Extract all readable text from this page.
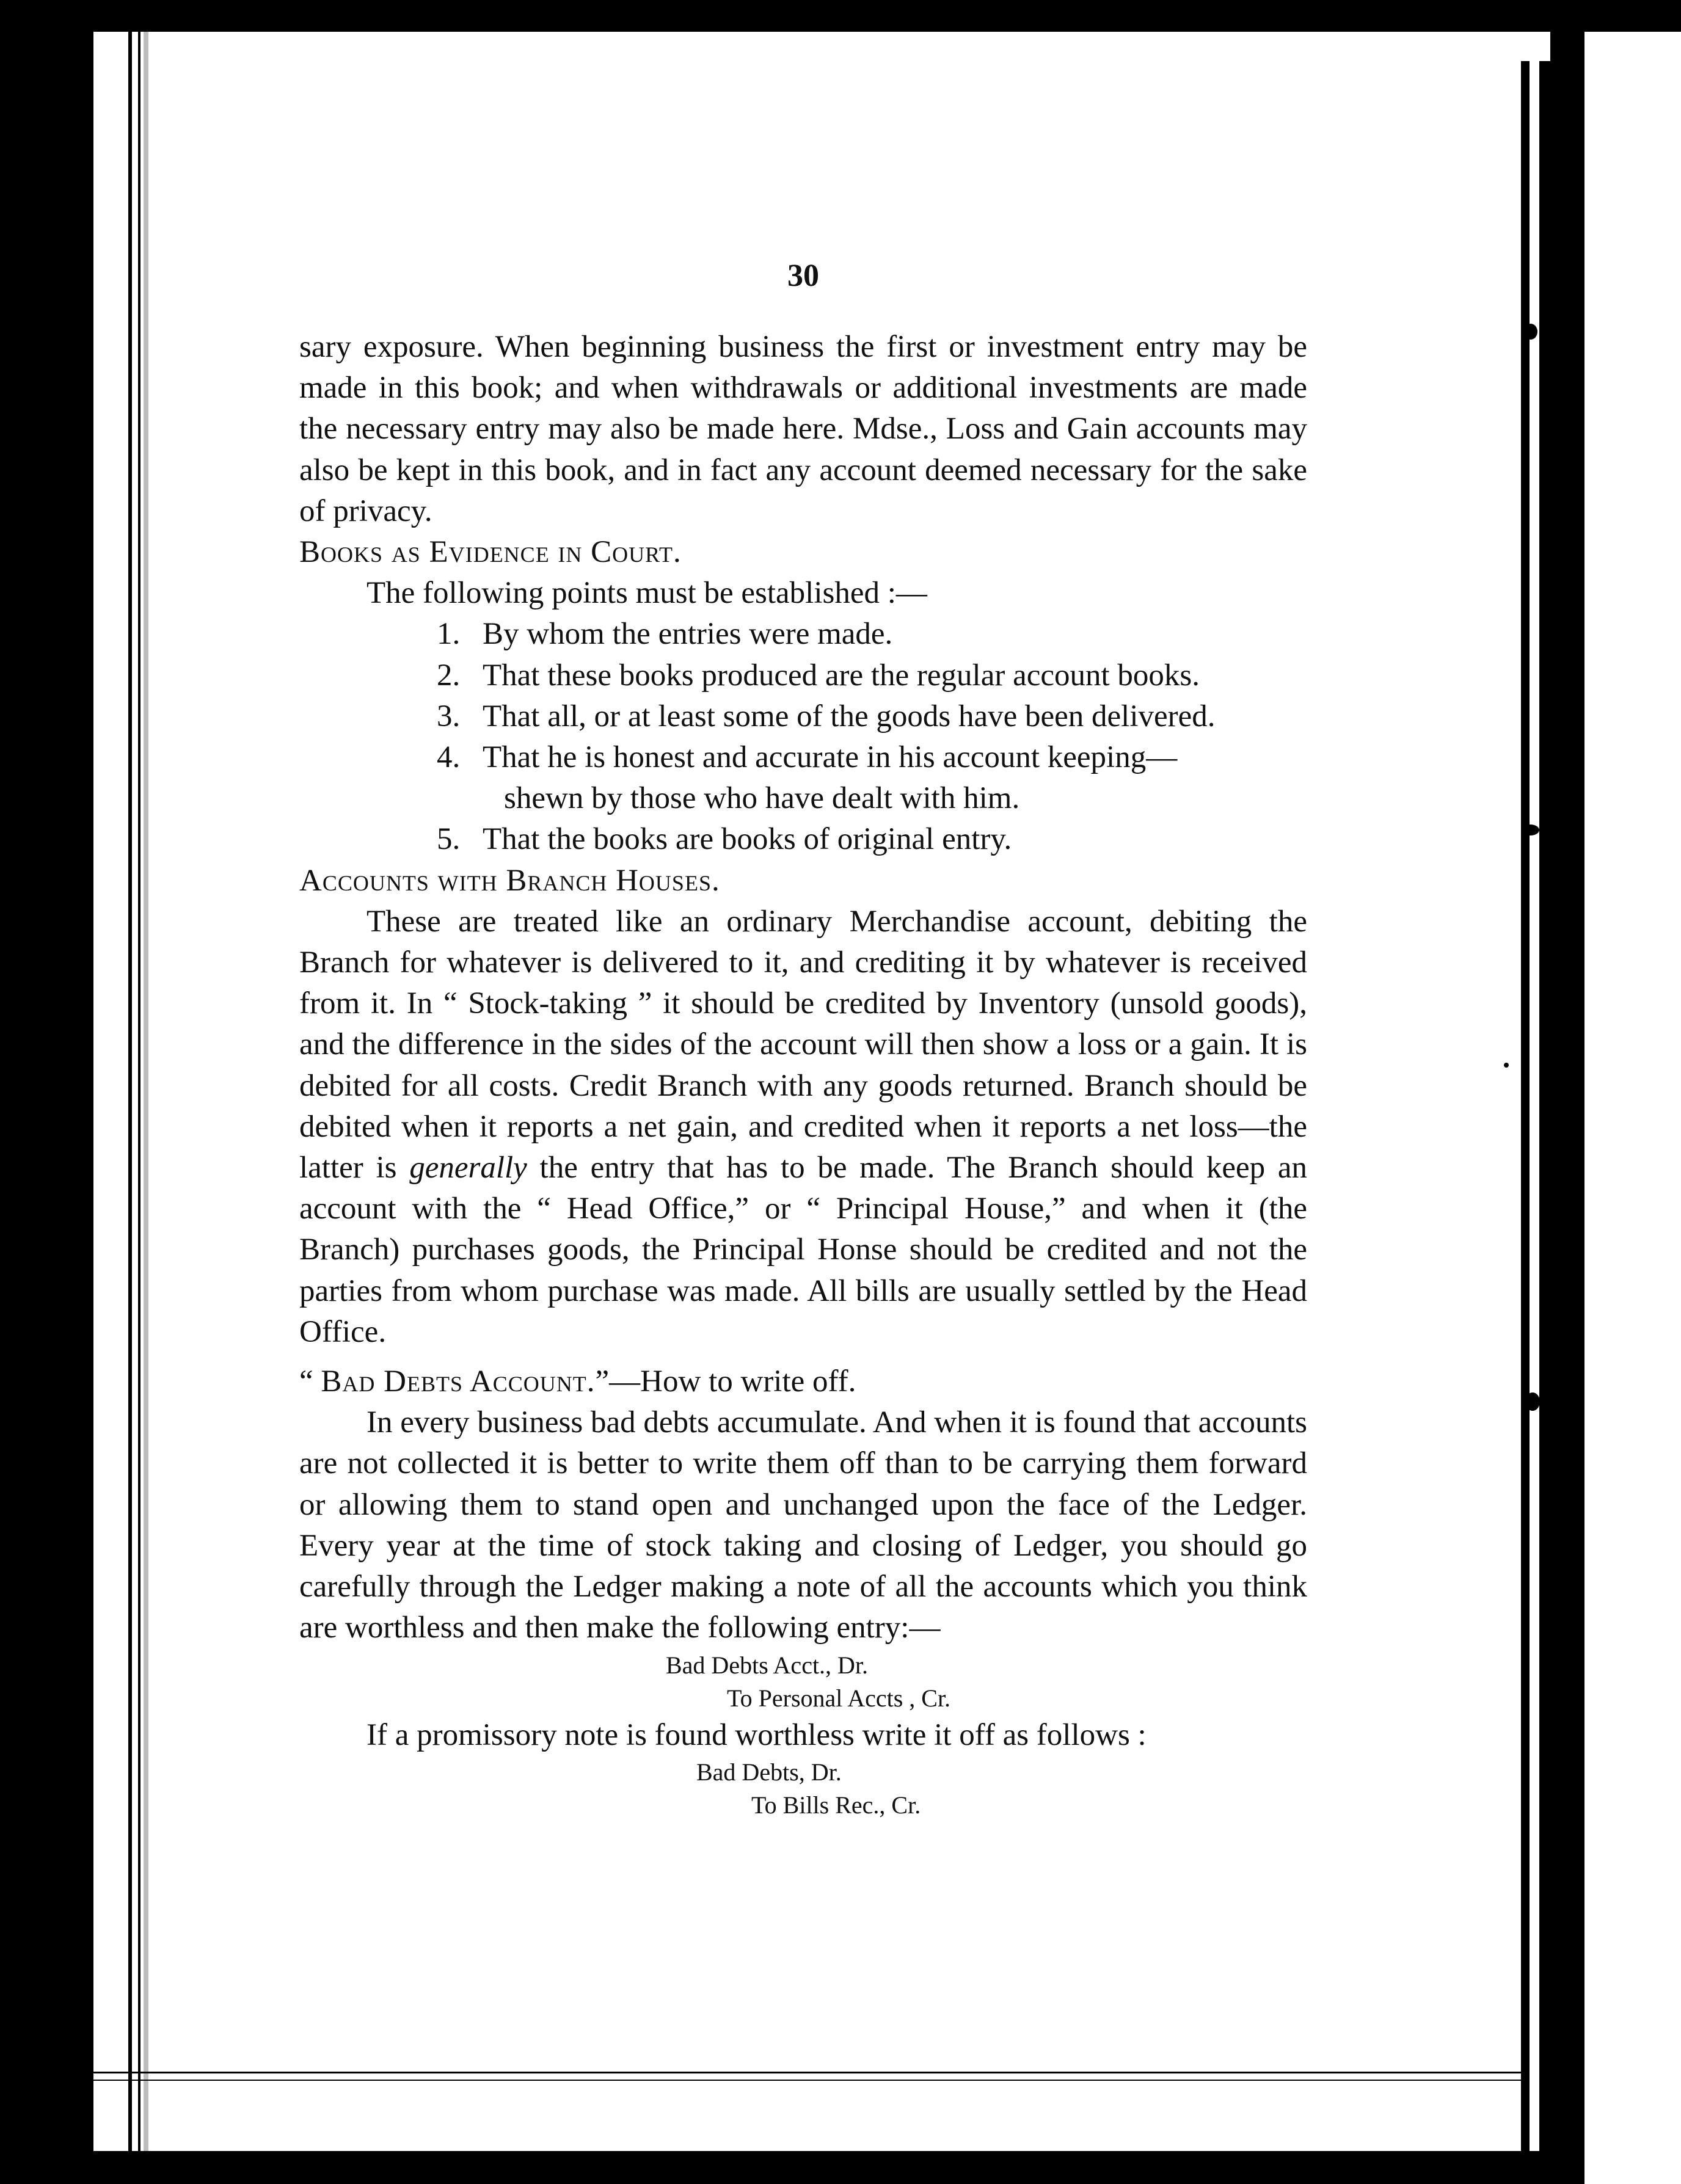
30

sary exposure. When beginning business the first or investment entry may be made in this book; and when withdrawals or additional investments are made the necessary entry may also be made here. Mdse., Loss and Gain accounts may also be kept in this book, and in fact any account deemed necessary for the sake of privacy.

Books as Evidence in Court.

The following points must be established :—

1. By whom the entries were made.
2. That these books produced are the regular account books.
3. That all, or at least some of the goods have been delivered.
4. That he is honest and accurate in his account keeping—
shewn by those who have dealt with him.
5. That the books are books of original entry.

Accounts with Branch Houses.

These are treated like an ordinary Merchandise account, debiting the Branch for whatever is delivered to it, and crediting it by whatever is received from it. In “ Stock-taking ” it should be credited by Inventory (unsold goods), and the difference in the sides of the account will then show a loss or a gain. It is debited for all costs. Credit Branch with any goods returned. Branch should be debited when it reports a net gain, and credited when it reports a net loss—the latter is generally the entry that has to be made. The Branch should keep an account with the “ Head Office,” or “ Principal House,” and when it (the Branch) purchases goods, the Principal Honse should be credited and not the parties from whom purchase was made. All bills are usually settled by the Head Office.

“ Bad Debts Account.”—How to write off.

In every business bad debts accumulate. And when it is found that accounts are not collected it is better to write them off than to be carrying them forward or allowing them to stand open and unchanged upon the face of the Ledger. Every year at the time of stock taking and closing of Ledger, you should go carefully through the Ledger making a note of all the accounts which you think are worthless and then make the following entry:—

Bad Debts Acct., Dr.
To Personal Accts , Cr.

If a promissory note is found worthless write it off as follows :

Bad Debts, Dr.
To Bills Rec., Cr.
